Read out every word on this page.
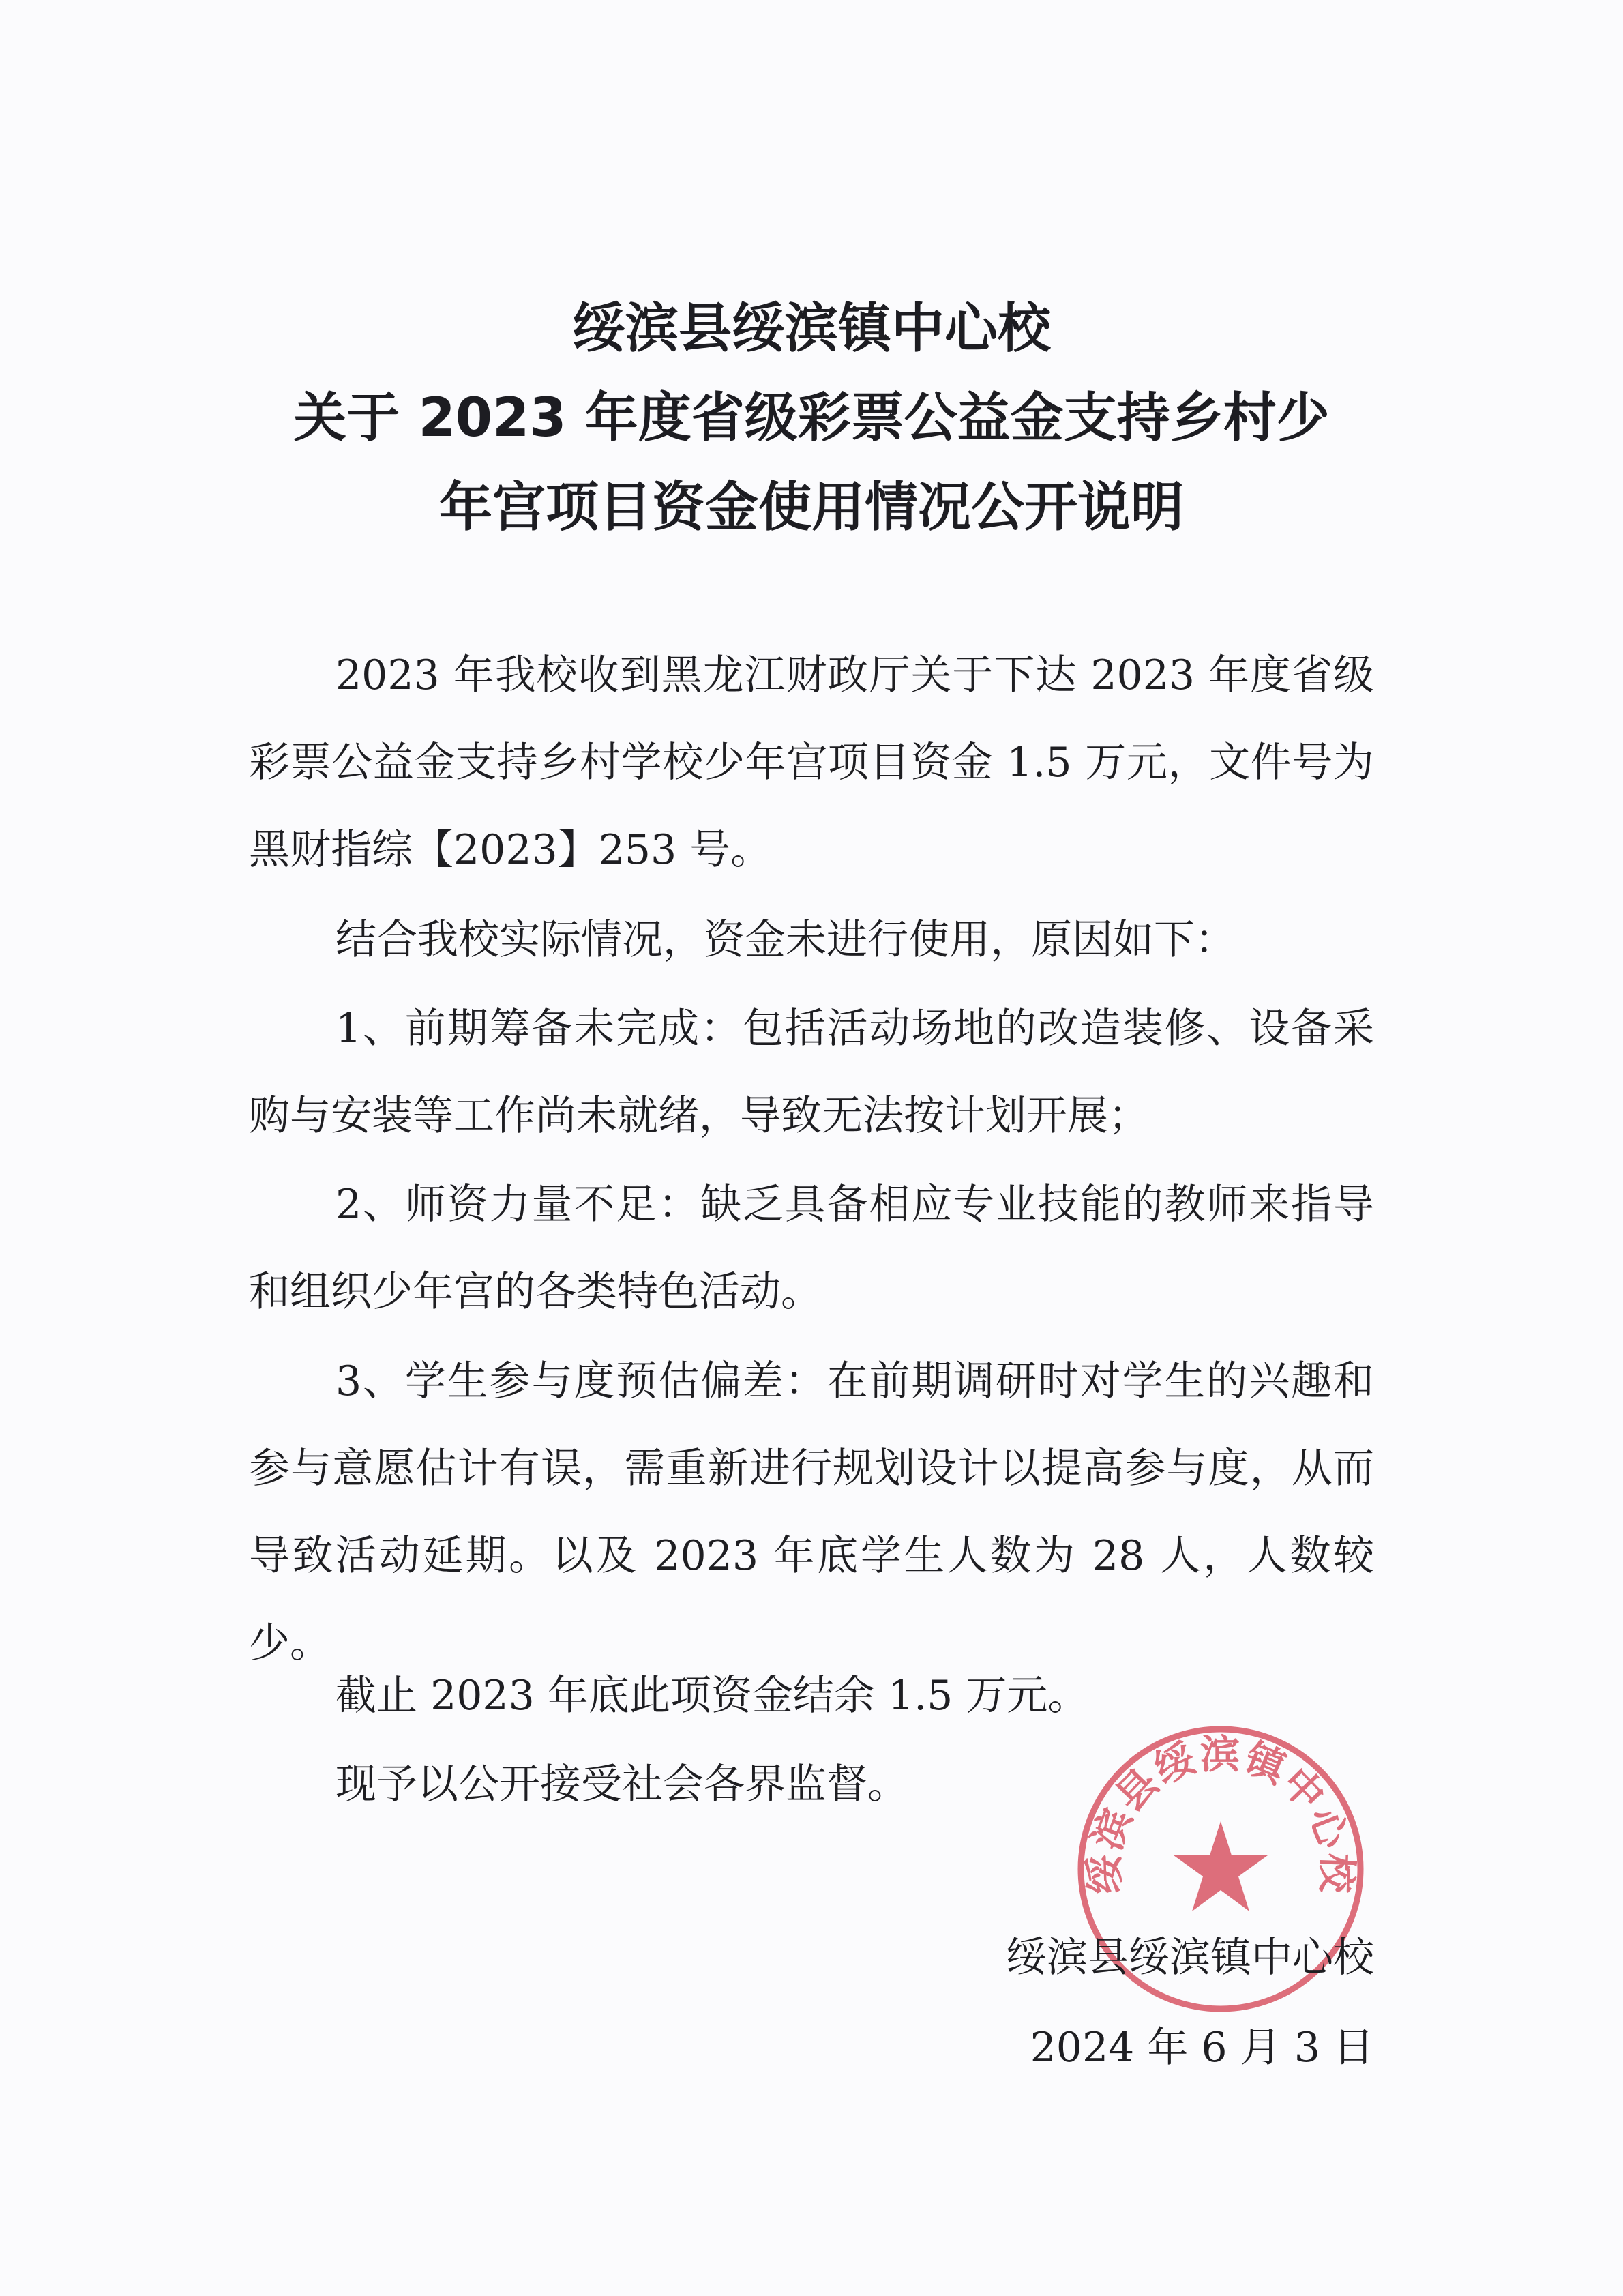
绥滨县绥滨镇中心校
关于 2023 年度省级彩票公益金支持乡村少
年宫项目资金使用情况公开说明
2023 年我校收到黑龙江财政厅关于下达 2023 年度省级彩票公益金支持乡村学校少年宫项目资金 1.5 万元，文件号为黑财指综【2023】253 号。
结合我校实际情况，资金未进行使用，原因如下：
1、前期筹备未完成：包括活动场地的改造装修、设备采购与安装等工作尚未就绪，导致无法按计划开展；
2、师资力量不足：缺乏具备相应专业技能的教师来指导和组织少年宫的各类特色活动。
3、学生参与度预估偏差：在前期调研时对学生的兴趣和参与意愿估计有误，需重新进行规划设计以提高参与度，从而导致活动延期。以及 2023 年底学生人数为 28 人，人数较少。
截止 2023 年底此项资金结余 1.5 万元。
现予以公开接受社会各界监督。
绥滨县绥滨镇中心校
绥滨县绥滨镇中心校
2024 年 6 月 3 日
